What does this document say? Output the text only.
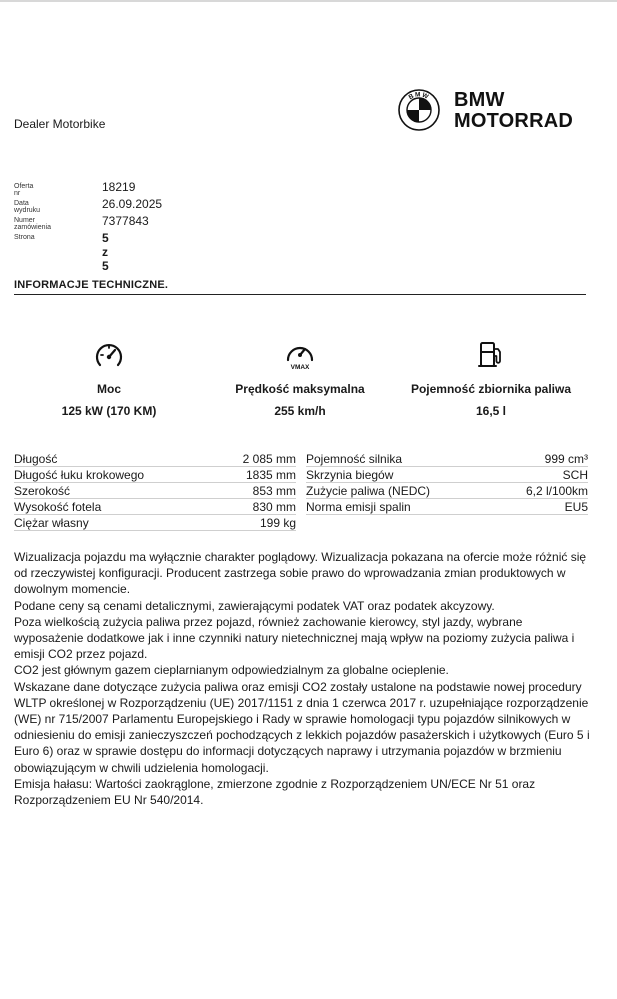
Dealer Motorbike
BMW BMW
MOTORRAD
Oferta nr	18219
Data wydruku	26.09.2025
Numer zamówienia	7377843
Strona	5 z 5
INFORMACJE TECHNICZNE.
Moc
125 kW (170 KM)
VMAX
Prędkość maksymalna
255 km/h
Pojemność zbiornika paliwa
16,5 l
Długość	2 085 mm
Długość łuku krokowego	1835 mm
Szerokość	853 mm
Wysokość fotela	830 mm
Ciężar własny	199 kg
Pojemność silnika	999 cm³
Skrzynia biegów	SCH
Zużycie paliwa (NEDC)	6,2 l/100km
Norma emisji spalin	EU5

Wizualizacja pojazdu ma wyłącznie charakter poglądowy. Wizualizacja pokazana na ofercie może różnić się od rzeczywistej konfiguracji. Producent zastrzega sobie prawo do wprowadzania zmian produktowych w dowolnym momencie.

Podane ceny są cenami detalicznymi, zawierającymi podatek VAT oraz podatek akcyzowy.

Poza wielkością zużycia paliwa przez pojazd, również zachowanie kierowcy, styl jazdy, wybrane wyposażenie dodatkowe jak i inne czynniki natury nietechnicznej mają wpływ na poziomy zużycia paliwa i emisji CO2 przez pojazd.

CO2 jest głównym gazem cieplarnianym odpowiedzialnym za globalne ocieplenie.

Wskazane dane dotyczące zużycia paliwa oraz emisji CO2 zostały ustalone na podstawie nowej procedury WLTP określonej w Rozporządzeniu (UE) 2017/1151 z dnia 1 czerwca 2017 r. uzupełniające rozporządzenie (WE) nr 715/2007 Parlamentu Europejskiego i Rady w sprawie homologacji typu pojazdów silnikowych w odniesieniu do emisji zanieczyszczeń pochodzących z lekkich pojazdów pasażerskich i użytkowych (Euro 5 i Euro 6) oraz w sprawie dostępu do informacji dotyczących naprawy i utrzymania pojazdów w brzmieniu obowiązującym w chwili udzielenia homologacji.

Emisja hałasu: Wartości zaokrąglone, zmierzone zgodnie z Rozporządzeniem UN/ECE Nr 51 oraz Rozporządzeniem EU Nr 540/2014.
